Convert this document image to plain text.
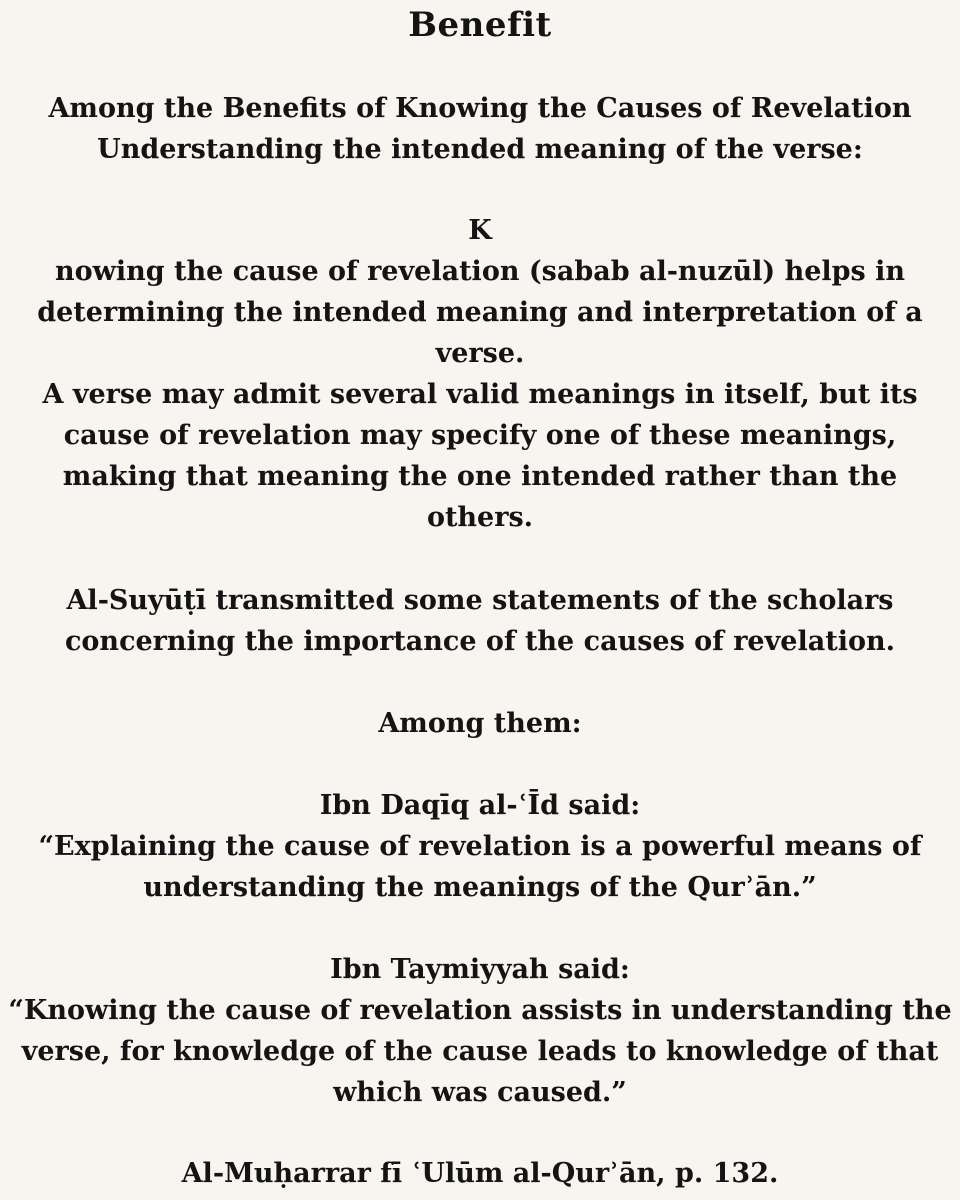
Benefit
Among the Benefits of Knowing the Causes of Revelation
Understanding the intended meaning of the verse:
K
nowing the cause of revelation (sabab al-nuzūl) helps in
determining the intended meaning and interpretation of a
verse.
A verse may admit several valid meanings in itself, but its
cause of revelation may specify one of these meanings,
making that meaning the one intended rather than the
others.
Al-Suyūṭī transmitted some statements of the scholars
concerning the importance of the causes of revelation.
Among them:
Ibn Daqīq al-ʿĪd said:
“Explaining the cause of revelation is a powerful means of
understanding the meanings of the Qurʾān.”
Ibn Taymiyyah said:
“Knowing the cause of revelation assists in understanding the
verse, for knowledge of the cause leads to knowledge of that
which was caused.”
Al-Muḥarrar fī ʿUlūm al-Qurʾān, p. 132.
